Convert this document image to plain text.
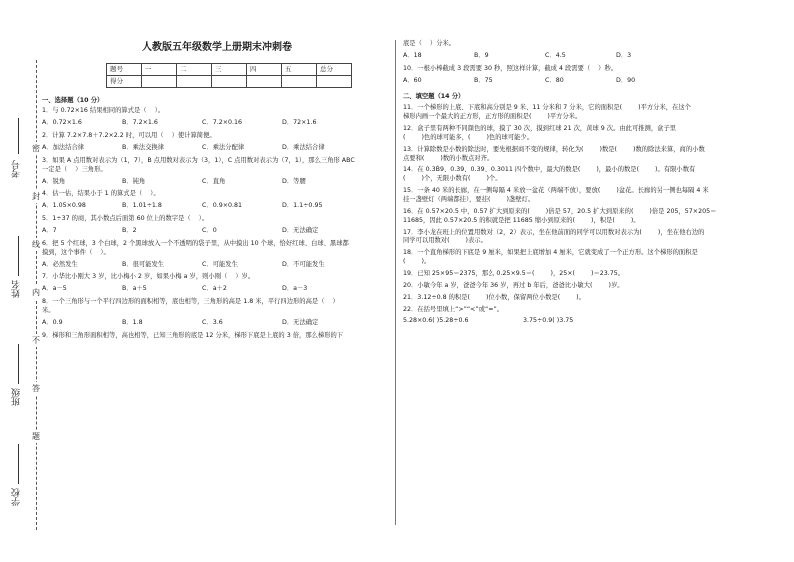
考号
姓名
班级
学校
密
封
线
内
不
答
题
人教版五年级数学上册期末冲刺卷
题号	一	二	三	四	五	总分
得分						
一、选择题（10 分）
1．与 0.72×16 结果相同的算式是（    ）。
A．0.72×1.6	B．7.2×1.6	C．7.2×0.16	D．72×1.6
2．计算 7.2×7.8＋7.2×2.2 时，可以用（    ）使计算简便。
A．加法结合律	B．乘法交换律	C．乘法分配律	D．乘法结合律
3．如果 A 点用数对表示为（1，7），B 点用数对表示为（3，1），C 点用数对表示为（7，1），那么三角形 ABC
一定是（    ）三角形。
A．锐角	B．钝角	C．直角	D．等腰
4．估一估，结果小于 1 的算式是（    ）。
A．1.05×0.98	B．1.01÷1.8	C．0.9×0.81	D．1.1÷0.95
5．1÷37 的商，其小数点后面第 60 位上的数字是（    ）。
A．7	B．2	C．0	D．无法确定
6．把 5 个红球，3 个白球，2 个黑球放入一个不透明的袋子里，从中摸出 10 个球，恰好红球、白球、黑球都
摸到，这个事件（    ）。
A．必然发生	B．很可能发生	C．可能发生	D．不可能发生
7．小华比小刚大 3 岁，比小梅小 2 岁，如果小梅 a 岁，则小刚（    ）岁。
A．a－5	B．a＋5	C．a＋2	D．a－3
8．一个三角形与一个平行四边形的面积相等，底也相等，三角形的高是 1.8 米，平行四边形的高是（    ）
米。
A．0.9	B．1.8	C．3.6	D．无法确定
9．梯形和三角形面积相等，高也相等，已知三角形的底是 12 分米，梯形下底是上底的 3 倍，那么梯形的下
底是（    ）分米。
A．18	B．9	C．4.5	D．3
10．一根小棒截成 3 段需要 30 秒，照这样计算，截成 4 段需要（    ）秒。
A．60	B．75	C．80	D．90
二、填空题（14 分）
11．一个梯形的上底、下底和高分别是 9 米、11 分米和 7 分米，它的面积是(        )平方分米，在这个
梯形内画一个最大的正方形，正方形的面积是(        )平方分米。
12．盒子里有两种不同颜色的球，摸了 30 次，摸到红球 21 次，黄球 9 次。由此可推测，盒子里
(        )色的球可能多，(        )色的球可能少。
13．计算除数是小数的除法时，要先根据商不变的规律，转化为(        )数是(        )数的除法来算，商的小数
点要和(        )数的小数点对齐。
14．在 0.3Ḃ9、0.3̇9̇、0.39、0.3011 四个数中，最大的数是(        )，最小的数是(        )。有限小数有
(        )个，无限小数有(        )个。
15．一条 40 米的长廊，在一侧每隔 4 米放一盆花（两端不放），要放(        )盆花。长廊的另一侧也每隔 4 米
挂一盏壁灯（两端都挂），要挂(        )盏壁灯。
16．在 0.57×20.5 中，0.57 扩大到原来的(        )倍是 57，20.5 扩大到原来的(        )倍是 205，57×205＝
11685，因此 0.57×20.5 的积就是把 11685 缩小到原来的(        )，积是(        )。
17．李小龙在班上的位置用数对（2，2）表示，坐在他前面的同学可以用数对表示为(        )，坐在他右边的
同学可以用数对(        )表示。
18．一个直角梯形的下底是 9 厘米，如果把上底增加 4 厘米，它就变成了一个正方形。这个梯形的面积是
(        )。
19．已知 25×95＝2375，那么 0.25×9.5＝(        )，25×(        )＝23.75。
20．小敏今年 a 岁，爸爸今年 36 岁，再过 b 年后，爸爸比小敏大(        )岁。
21．3.12÷0.8 的积是(        )位小数，保留两位小数是(        )。
22．在括号里填上“>”“<”或“=”。
5.28×0.6( )5.28÷0.6	3.75÷0.9( )3.75
